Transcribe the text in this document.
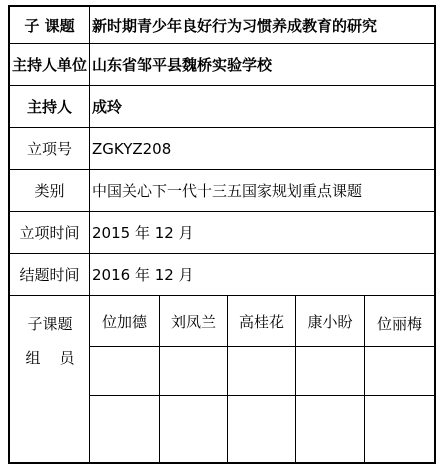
子 课题	新时期青少年良好行为习惯养成教育的研究
主持人单位 山东省邹平县魏桥实验学校
主持人	成玲
立项号	ZGKYZ208
类别	中国关心下一代十三五国家规划重点课题
立项时间 2015 年 12 月
结题时间 2016 年 12 月
子课题
组    员
位加德	刘凤兰	高桂花	康小盼	位丽梅
